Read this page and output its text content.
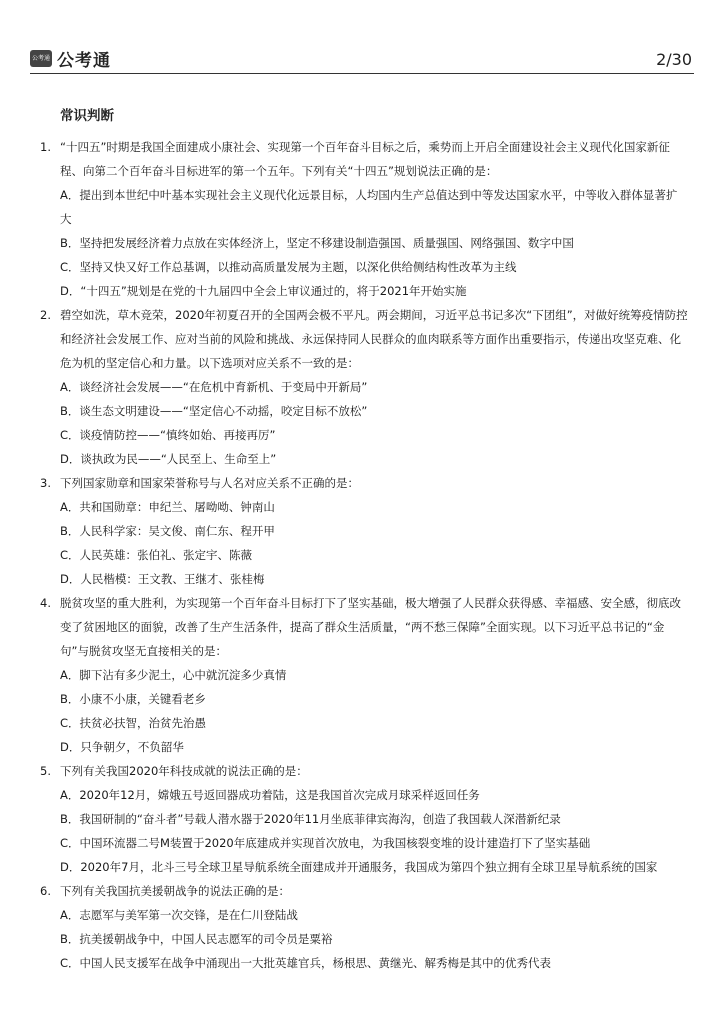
公考通 公考通	2/30
常识判断
1. “十四五”时期是我国全面建成小康社会、实现第一个百年奋斗目标之后，乘势而上开启全面建设社会主义现代化国家新征程、向第二个百年奋斗目标进军的第一个五年。下列有关“十四五”规划说法正确的是：

A．提出到本世纪中叶基本实现社会主义现代化远景目标，人均国内生产总值达到中等发达国家水平，中等收入群体显著扩大

B．坚持把发展经济着力点放在实体经济上，坚定不移建设制造强国、质量强国、网络强国、数字中国

C．坚持又快又好工作总基调，以推动高质量发展为主题，以深化供给侧结构性改革为主线

D．“十四五”规划是在党的十九届四中全会上审议通过的，将于2021年开始实施

2. 碧空如洗，草木竞荣，2020年初夏召开的全国两会极不平凡。两会期间，习近平总书记多次“下团组”，对做好统筹疫情防控和经济社会发展工作、应对当前的风险和挑战、永远保持同人民群众的血肉联系等方面作出重要指示，传递出攻坚克难、化危为机的坚定信心和力量。以下选项对应关系不一致的是：

A．谈经济社会发展——“在危机中育新机、于变局中开新局”

B．谈生态文明建设——“坚定信心不动摇，咬定目标不放松”

C．谈疫情防控——“慎终如始、再接再厉”

D．谈执政为民——“人民至上、生命至上”

3. 下列国家勋章和国家荣誉称号与人名对应关系不正确的是：

A．共和国勋章：申纪兰、屠呦呦、钟南山

B．人民科学家：吴文俊、南仁东、程开甲

C．人民英雄：张伯礼、张定宇、陈薇

D．人民楷模：王文教、王继才、张桂梅

4. 脱贫攻坚的重大胜利，为实现第一个百年奋斗目标打下了坚实基础，极大增强了人民群众获得感、幸福感、安全感，彻底改变了贫困地区的面貌，改善了生产生活条件，提高了群众生活质量，“两不愁三保障”全面实现。以下习近平总书记的“金句”与脱贫攻坚无直接相关的是：

A．脚下沾有多少泥土，心中就沉淀多少真情

B．小康不小康，关键看老乡

C．扶贫必扶智，治贫先治愚

D．只争朝夕，不负韶华

5. 下列有关我国2020年科技成就的说法正确的是：

A．2020年12月，嫦娥五号返回器成功着陆，这是我国首次完成月球采样返回任务

B．我国研制的“奋斗者”号载人潜水器于2020年11月坐底菲律宾海沟，创造了我国载人深潜新纪录

C．中国环流器二号M装置于2020年底建成并实现首次放电，为我国核裂变堆的设计建造打下了坚实基础

D．2020年7月，北斗三号全球卫星导航系统全面建成并开通服务，我国成为第四个独立拥有全球卫星导航系统的国家

6. 下列有关我国抗美援朝战争的说法正确的是：

A．志愿军与美军第一次交锋，是在仁川登陆战

B．抗美援朝战争中，中国人民志愿军的司令员是粟裕

C．中国人民支援军在战争中涌现出一大批英雄官兵，杨根思、黄继光、解秀梅是其中的优秀代表
